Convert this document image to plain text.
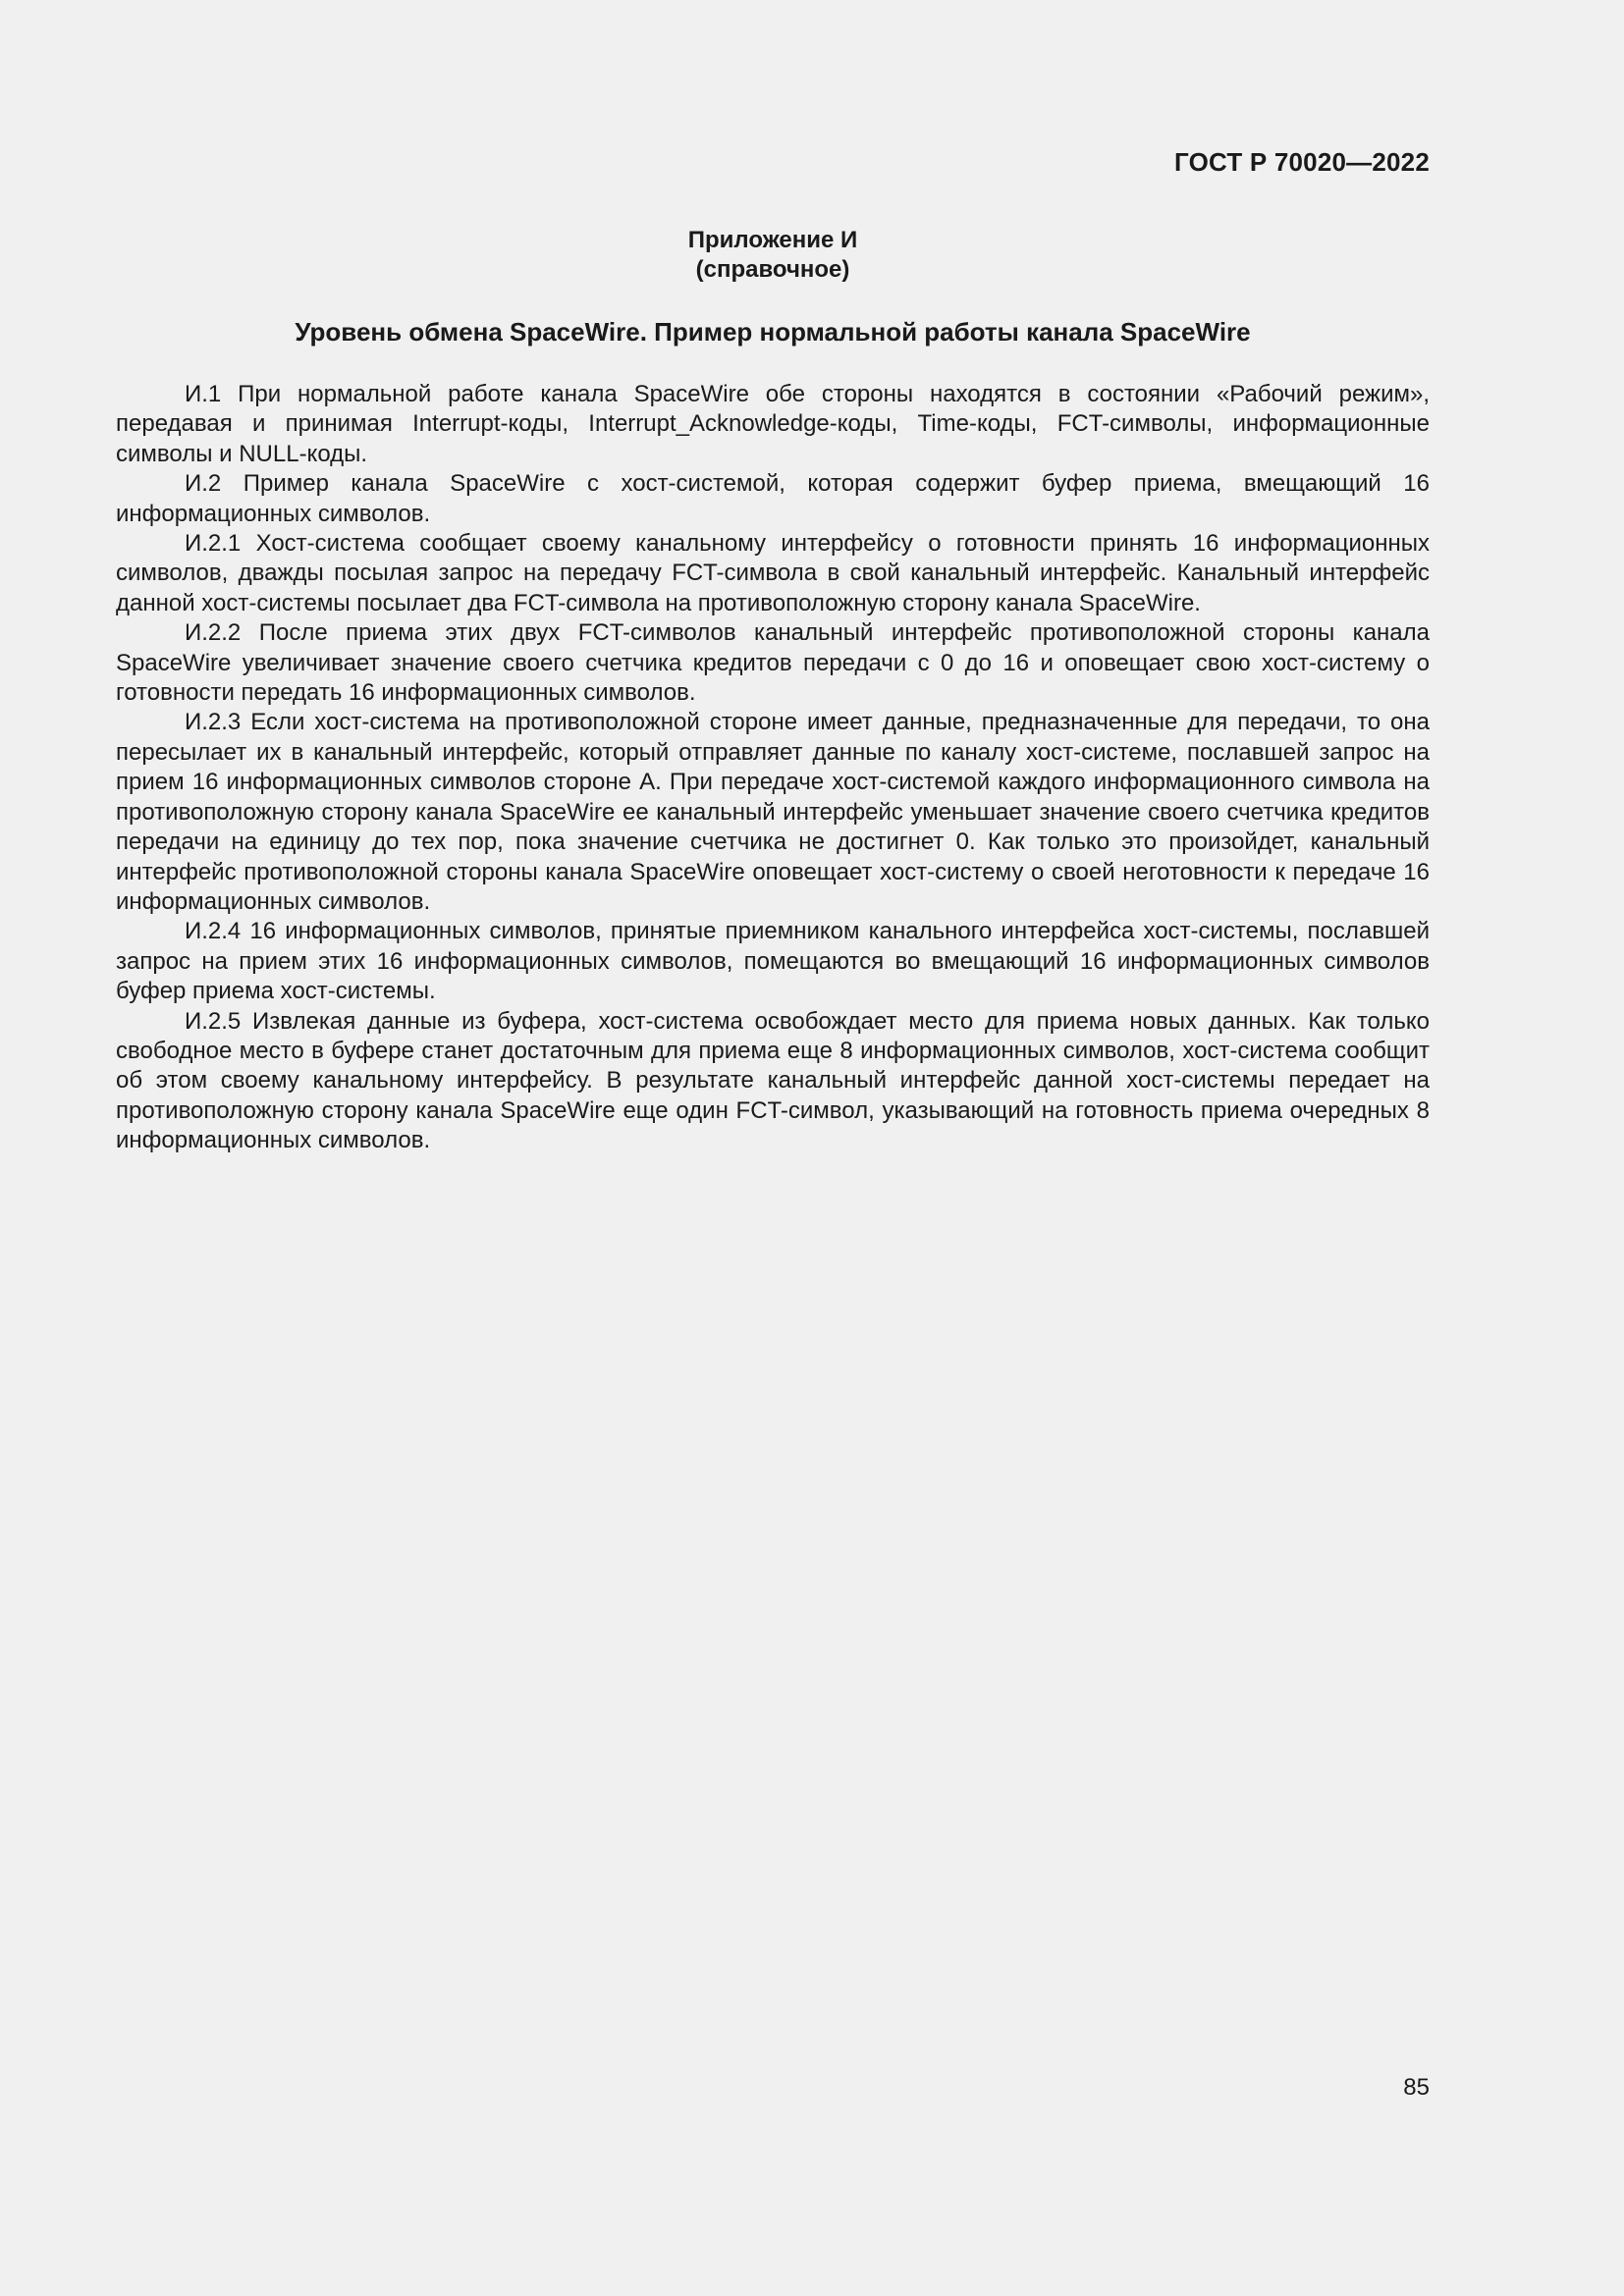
ГОСТ Р 70020—2022
Приложение И
(справочное)
Уровень обмена SpaceWire. Пример нормальной работы канала SpaceWire

И.1 При нормальной работе канала SpaceWire обе стороны находятся в состоянии «Рабочий режим», передавая и принимая Interrupt-коды, Interrupt_Acknowledge-коды, Time-коды, FCT-символы, информационные символы и NULL-коды.

И.2 Пример канала SpaceWire с хост-системой, которая содержит буфер приема, вмещающий 16 информационных символов.

И.2.1 Хост-система сообщает своему канальному интерфейсу о готовности принять 16 информационных символов, дважды посылая запрос на передачу FCT-символа в свой канальный интерфейс. Канальный интерфейс данной хост-системы посылает два FCT-символа на противоположную сторону канала SpaceWire.

И.2.2 После приема этих двух FCT-символов канальный интерфейс противоположной стороны канала SpaceWire увеличивает значение своего счетчика кредитов передачи с 0 до 16 и оповещает свою хост-систему о готовности передать 16 информационных символов.

И.2.3 Если хост-система на противоположной стороне имеет данные, предназначенные для передачи, то она пересылает их в канальный интерфейс, который отправляет данные по каналу хост-системе, пославшей запрос на прием 16 информационных символов стороне А. При передаче хост-системой каждого информационного символа на противоположную сторону канала SpaceWire ее канальный интерфейс уменьшает значение своего счетчика кредитов передачи на единицу до тех пор, пока значение счетчика не достигнет 0. Как только это произойдет, канальный интерфейс противоположной стороны канала SpaceWire оповещает хост-систему о своей неготовности к передаче 16 информационных символов.

И.2.4 16 информационных символов, принятые приемником канального интерфейса хост-системы, пославшей запрос на прием этих 16 информационных символов, помещаются во вмещающий 16 информационных символов буфер приема хост-системы.

И.2.5 Извлекая данные из буфера, хост-система освобождает место для приема новых данных. Как только свободное место в буфере станет достаточным для приема еще 8 информационных символов, хост-система сообщит об этом своему канальному интерфейсу. В результате канальный интерфейс данной хост-системы передает на противоположную сторону канала SpaceWire еще один FCT-символ, указывающий на готовность приема очередных 8 информационных символов.

85
